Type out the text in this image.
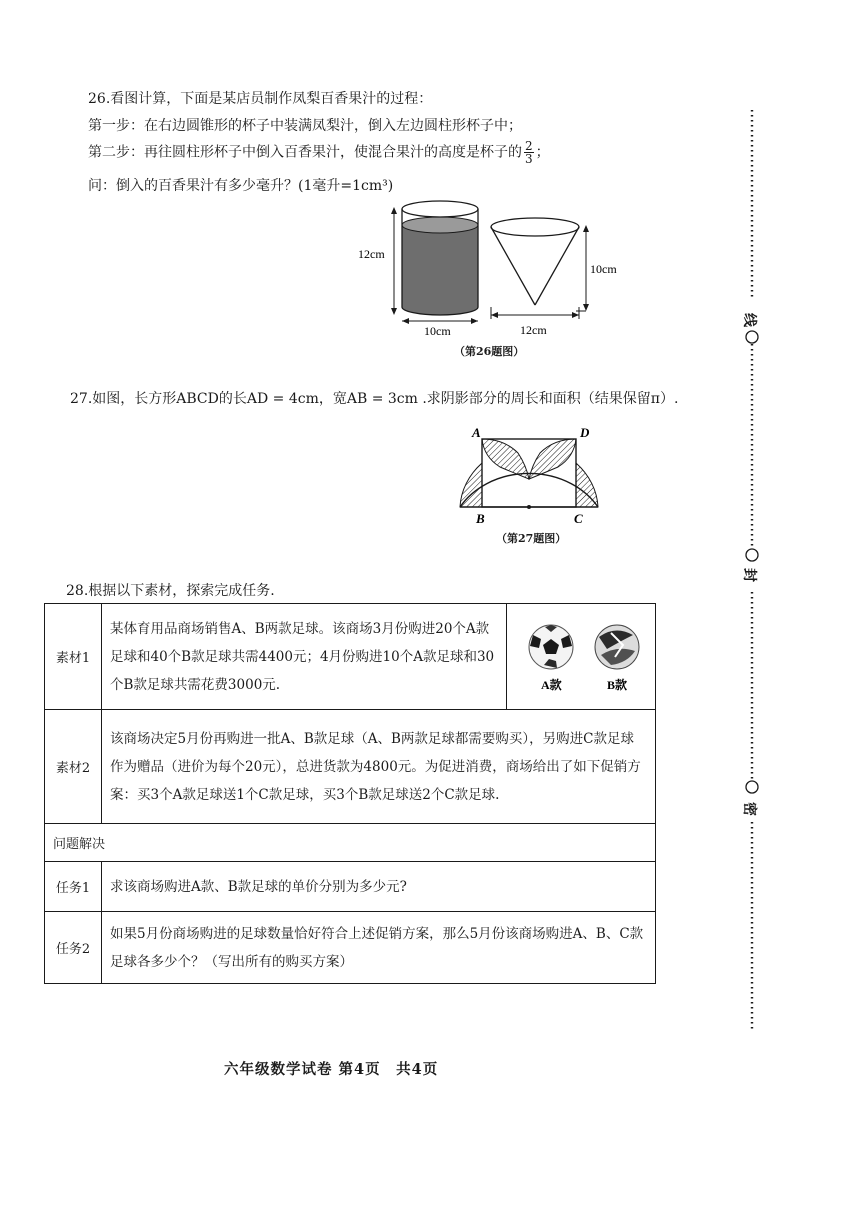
26.看图计算，下面是某店员制作凤梨百香果汁的过程：
第一步：在右边圆锥形的杯子中装满凤梨汁，倒入左边圆柱形杯子中；
第二步：再往圆柱形杯子中倒入百香果汁，使混合果汁的高度是杯子的 $\frac{2}{3}$ ；
问：倒入的百香果汁有多少毫升？(1毫升=1cm³)
12cm
10cm
10cm
12cm
（第26题图）
27.如图，长方形ABCD的长AD = 4cm，宽AB = 3cm .求阴影部分的周长和面积（结果保留π）.
A	D
B	C
（第27题图）
28.根据以下素材，探索完成任务.
素材1	某体育用品商场销售A、B两款足球。该商场3月份购进20个A款足球和40个B款足球共需4400元；4月份购进10个A款足球和30个B款足球共需花费3000元.	A款 B款

素材2	该商场决定5月份再购进一批A、B款足球（A、B两款足球都需要购买），另购进C款足球作为赠品（进价为每个20元），总进货款为4800元。为促进消费，商场给出了如下促销方案：买3个A款足球送1个C款足球，买3个B款足球送2个C款足球.	
问题解决		
任务1	求该商场购进A款、B款足球的单价分别为多少元?	
任务2	如果5月份商场购进的足球数量恰好符合上述促销方案，那么5月份该商场购进A、B、C款足球各多少个？（写出所有的购买方案）	
六年级数学试卷 第4页　共4页
线
封
密
